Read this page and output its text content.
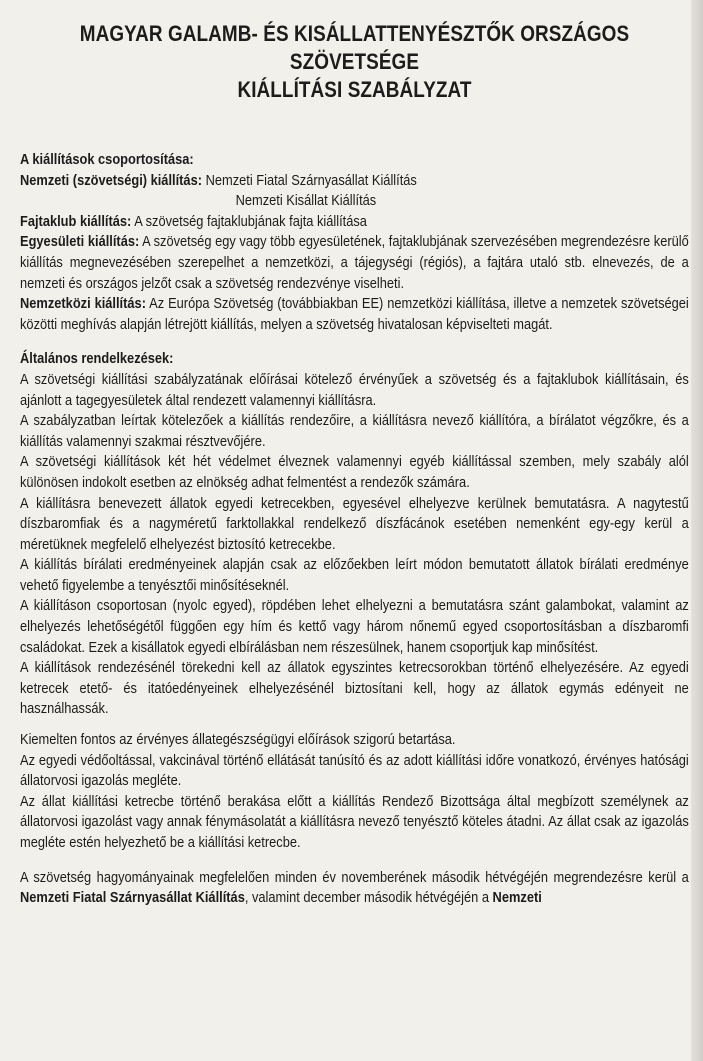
MAGYAR GALAMB- ÉS KISÁLLATTENYÉSZTŐK ORSZÁGOS
SZÖVETSÉGE
KIÁLLÍTÁSI SZABÁLYZAT

A kiállítások csoportosítása:

Nemzeti (szövetségi) kiállítás: Nemzeti Fiatal Szárnyasállat Kiállítás

Nemzeti Kisállat Kiállítás

Fajtaklub kiállítás: A szövetség fajtaklubjának fajta kiállítása

Egyesületi kiállítás: A szövetség egy vagy több egyesületének, fajtaklubjának szervezésében megrendezésre kerülő kiállítás megnevezésében szerepelhet a nemzetközi, a tájegységi (régiós), a fajtára utaló stb. elnevezés, de a nemzeti és országos jelzőt csak a szövetség rendezvénye viselheti.

Nemzetközi kiállítás: Az Európa Szövetség (továbbiakban EE) nemzetközi kiállítása, illetve a nemzetek szövetségei közötti meghívás alapján létrejött kiállítás, melyen a szövetség hivatalosan képviselteti magát.

Általános rendelkezések:

A szövetségi kiállítási szabályzatának előírásai kötelező érvényűek a szövetség és a fajtaklubok kiállításain, és ajánlott a tagegyesületek által rendezett valamennyi kiállításra.

A szabályzatban leírtak kötelezőek a kiállítás rendezőire, a kiállításra nevező kiállítóra, a bírálatot végzőkre, és a kiállítás valamennyi szakmai résztvevőjére.

A szövetségi kiállítások két hét védelmet élveznek valamennyi egyéb kiállítással szemben, mely szabály alól különösen indokolt esetben az elnökség adhat felmentést a rendezők számára.

A kiállításra benevezett állatok egyedi ketrecekben, egyesével elhelyezve kerülnek bemutatásra. A nagytestű díszbaromfiak és a nagyméretű farktollakkal rendelkező díszfácánok esetében nemenként egy-egy kerül a méretüknek megfelelő elhelyezést biztosító ketrecekbe.

A kiállítás bírálati eredményeinek alapján csak az előzőekben leírt módon bemutatott állatok bírálati eredménye vehető figyelembe a tenyésztői minősítéseknél.

A kiállításon csoportosan (nyolc egyed), röpdében lehet elhelyezni a bemutatásra szánt galambokat, valamint az elhelyezés lehetőségétől függően egy hím és kettő vagy három nőnemű egyed csoportosításban a díszbaromfi családokat. Ezek a kisállatok egyedi elbírálásban nem részesülnek, hanem csoportjuk kap minősítést.

A kiállítások rendezésénél törekedni kell az állatok egyszintes ketrecsorokban történő elhelyezésére. Az egyedi ketrecek etető- és itatóedényeinek elhelyezésénél biztosítani kell, hogy az állatok egymás edényeit ne használhassák.

Kiemelten fontos az érvényes állategészségügyi előírások szigorú betartása.

Az egyedi védőoltással, vakcinával történő ellátását tanúsító és az adott kiállítási időre vonatkozó, érvényes hatósági állatorvosi igazolás megléte.

Az állat kiállítási ketrecbe történő berakása előtt a kiállítás Rendező Bizottsága által megbízott személynek az állatorvosi igazolást vagy annak fénymásolatát a kiállításra nevező tenyésztő köteles átadni. Az állat csak az igazolás megléte estén helyezhető be a kiállítási ketrecbe.

A szövetség hagyományainak megfelelően minden év novemberének második hétvégéjén megrendezésre kerül a Nemzeti Fiatal Szárnyasállat Kiállítás, valamint december második hétvégéjén a Nemzeti
